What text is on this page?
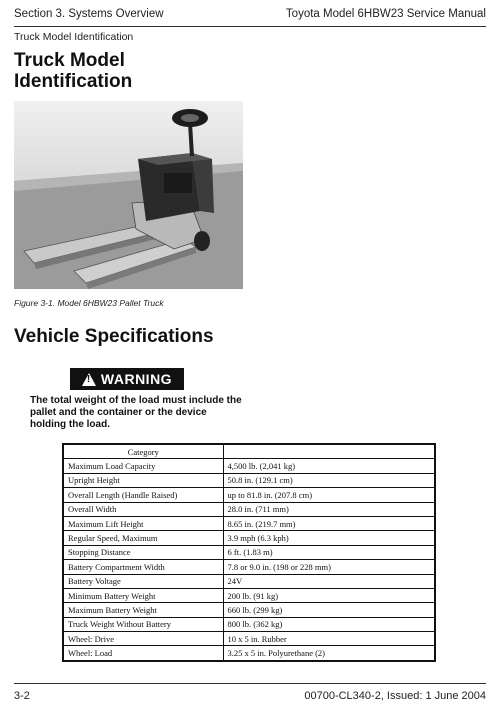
Section 3. Systems Overview	Toyota Model 6HBW23 Service Manual
Truck Model Identification
Truck Model
Identification
Figure 3-1. Model 6HBW23 Pallet Truck
Vehicle Specifications
! WARNING
The total weight of the load must include the pallet and the container or the device holding the load.
Category	
Maximum Load Capacity	4,500 lb. (2,041 kg)
Upright Height	50.8 in. (129.1 cm)
Overall Length (Handle Raised)	up to 81.8 in. (207.8 cm)
Overall Width	28.0 in. (711 mm)
Maximum Lift Height	8.65 in. (219.7 mm)
Regular Speed, Maximum	3.9 mph (6.3 kph)
Stopping Distance	6 ft. (1.83 m)
Battery Compartment Width	7.8 or 9.0 in. (198 or 228 mm)
Battery Voltage	24V
Minimum Battery Weight	200 lb. (91 kg)
Maximum Battery Weight	660 lb. (299 kg)
Truck Weight Without Battery	800 lb. (362 kg)
Wheel: Drive	10 x 5 in. Rubber
Wheel: Load	3.25 x 5 in. Polyurethane (2)
3-2	00700-CL340-2, Issued: 1 June 2004
